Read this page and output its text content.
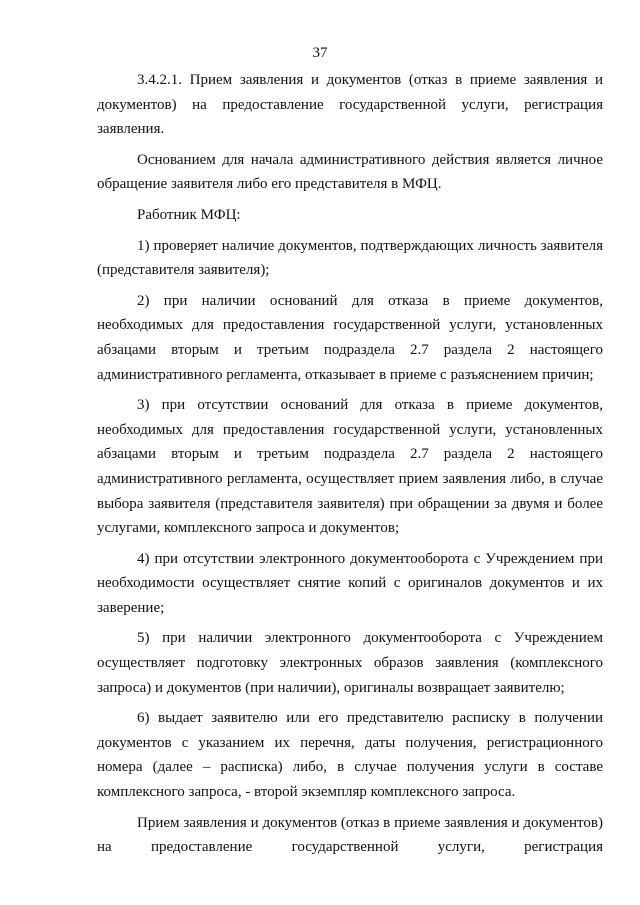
37

3.4.2.1. Прием заявления и документов (отказ в приеме заявления и документов) на предоставление государственной услуги, регистрация заявления.

Основанием для начала административного действия является личное обращение заявителя либо его представителя в МФЦ.

Работник МФЦ:

1) проверяет наличие документов, подтверждающих личность заявителя (представителя заявителя);

2) при наличии оснований для отказа в приеме документов, необходимых для предоставления государственной услуги, установленных абзацами вторым и третьим подраздела 2.7 раздела 2 настоящего административного регламента, отказывает в приеме с разъяснением причин;

3) при отсутствии оснований для отказа в приеме документов, необходимых для предоставления государственной услуги, установленных абзацами вторым и третьим подраздела 2.7 раздела 2 настоящего административного регламента, осуществляет прием заявления либо, в случае выбора заявителя (представителя заявителя) при обращении за двумя и более услугами, комплексного запроса и документов;

4) при отсутствии электронного документооборота с Учреждением при необходимости осуществляет снятие копий с оригиналов документов и их заверение;

5) при наличии электронного документооборота с Учреждением осуществляет подготовку электронных образов заявления (комплексного запроса) и документов (при наличии), оригиналы возвращает заявителю;

6) выдает заявителю или его представителю расписку в получении документов с указанием их перечня, даты получения, регистрационного номера (далее – расписка) либо, в случае получения услуги в составе комплексного запроса, - второй экземпляр комплексного запроса.

Прием заявления и документов (отказ в приеме заявления и документов) на предоставление государственной услуги, регистрация
